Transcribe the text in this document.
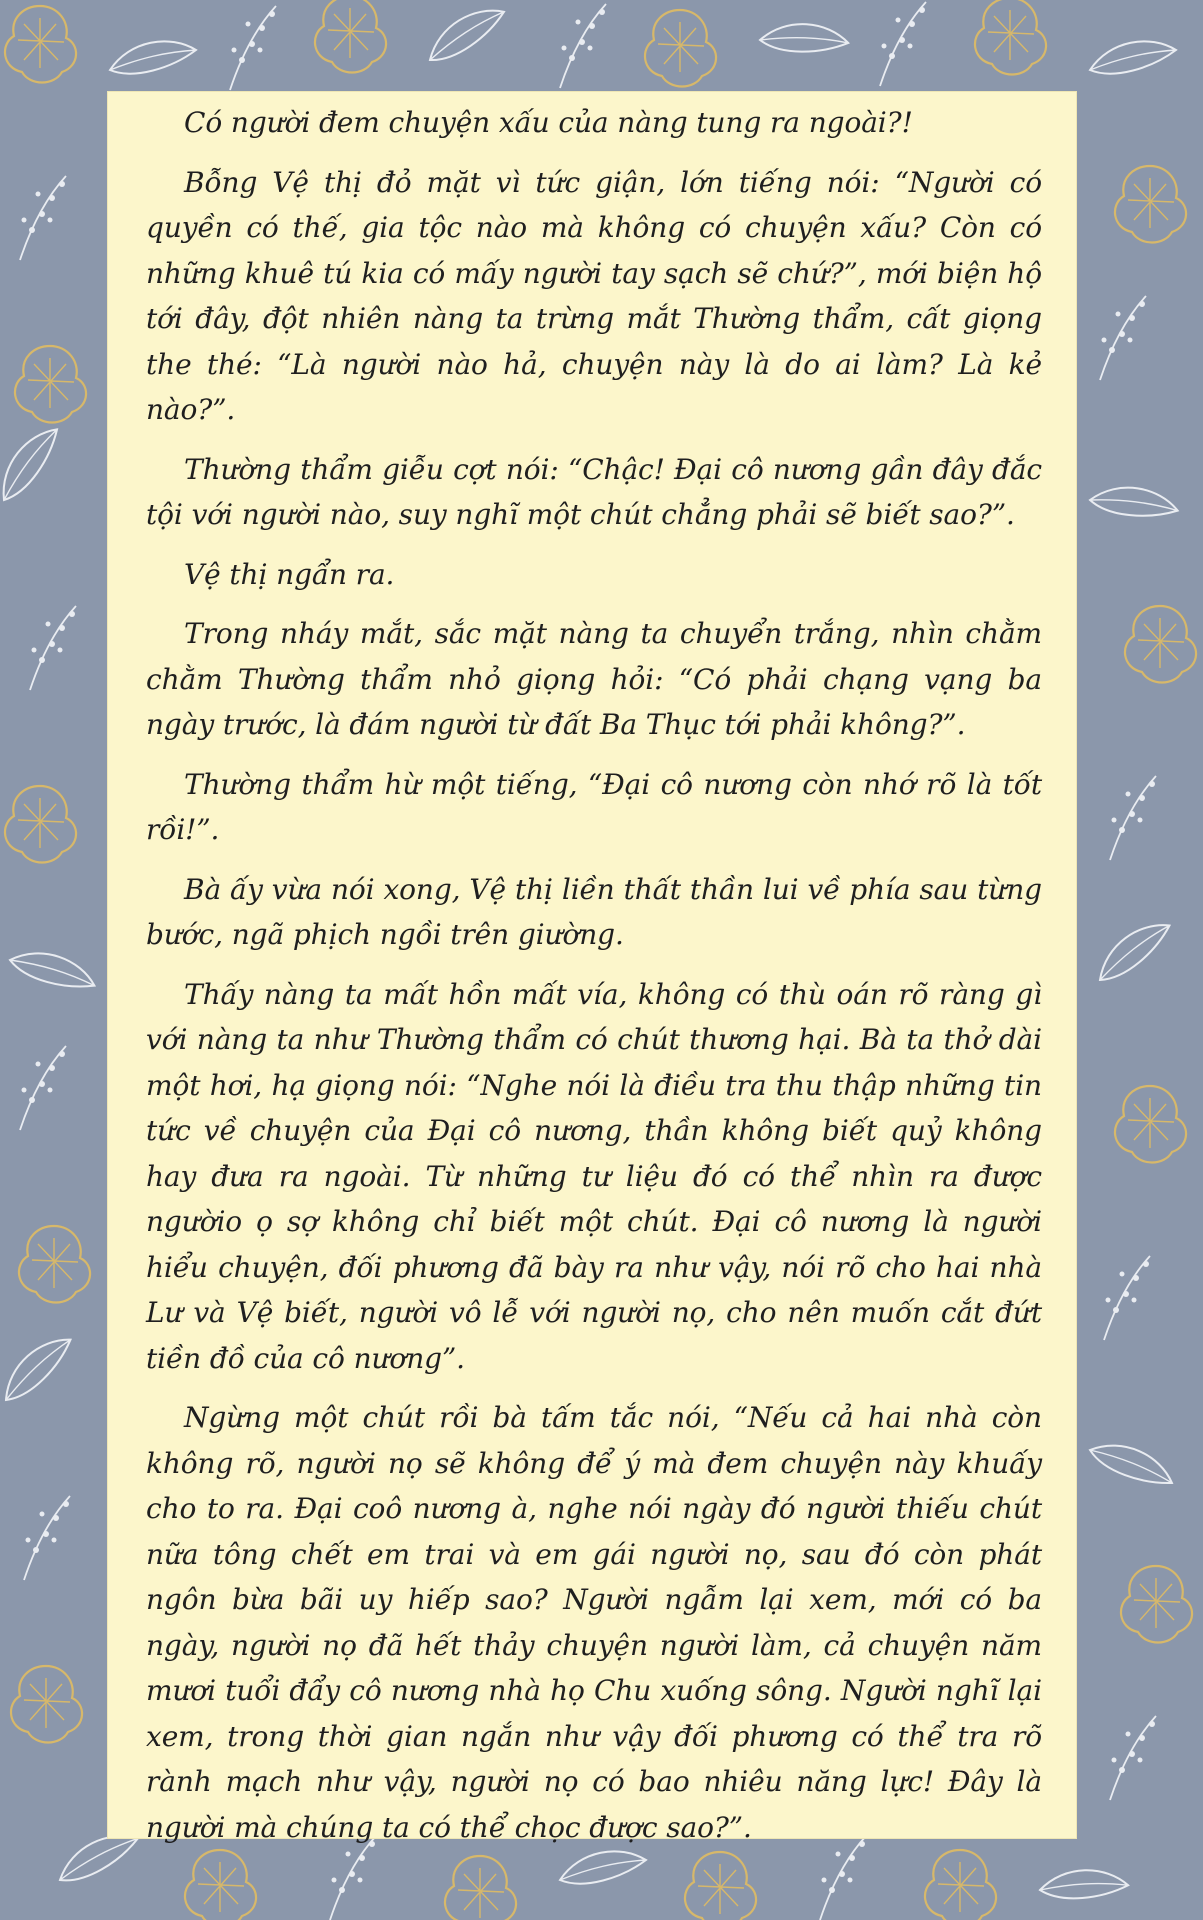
Có người đem chuyện xấu của nàng tung ra ngoài?!

Bỗng Vệ thị đỏ mặt vì tức giận, lớn tiếng nói: “Người có quyền có thế, gia tộc nào mà không có chuyện xấu? Còn có những khuê tú kia có mấy người tay sạch sẽ chứ?”, mới biện hộ tới đây, đột nhiên nàng ta trừng mắt Thường thẩm, cất giọng the thé: “Là người nào hả, chuyện này là do ai làm? Là kẻ nào?”.

Thường thẩm giễu cợt nói: “Chậc! Đại cô nương gần đây đắc tội với người nào, suy nghĩ một chút chẳng phải sẽ biết sao?”.

Vệ thị ngẩn ra.

Trong nháy mắt, sắc mặt nàng ta chuyển trắng, nhìn chằm chằm Thường thẩm nhỏ giọng hỏi: “Có phải chạng vạng ba ngày trước, là đám người từ đất Ba Thục tới phải không?”.

Thường thẩm hừ một tiếng, “Đại cô nương còn nhớ rõ là tốt rồi!”.

Bà ấy vừa nói xong, Vệ thị liền thất thần lui về phía sau từng bước, ngã phịch ngồi trên giường.

Thấy nàng ta mất hồn mất vía, không có thù oán rõ ràng gì với nàng ta như Thường thẩm có chút thương hại. Bà ta thở dài một hơi, hạ giọng nói: “Nghe nói là điều tra thu thập những tin tức về chuyện của Đại cô nương, thần không biết quỷ không hay đưa ra ngoài. Từ những tư liệu đó có thể nhìn ra được ngườio ọ sợ không chỉ biết một chút. Đại cô nương là người hiểu chuyện, đối phương đã bày ra như vậy, nói rõ cho hai nhà Lư và Vệ biết, người vô lễ với người nọ, cho nên muốn cắt đứt tiền đồ của cô nương”.

Ngừng một chút rồi bà tấm tắc nói, “Nếu cả hai nhà còn không rõ, người nọ sẽ không để ý mà đem chuyện này khuấy cho to ra. Đại coô nương à, nghe nói ngày đó người thiếu chút nữa tông chết em trai và em gái người nọ, sau đó còn phát ngôn bừa bãi uy hiếp sao? Người ngẫm lại xem, mới có ba ngày, người nọ đã hết thảy chuyện người làm, cả chuyện năm mươi tuổi đẩy cô nương nhà họ Chu xuống sông. Người nghĩ lại xem, trong thời gian ngắn như vậy đối phương có thể tra rõ rành mạch như vậy, người nọ có bao nhiêu năng lực! Đây là người mà chúng ta có thể chọc được sao?”.
